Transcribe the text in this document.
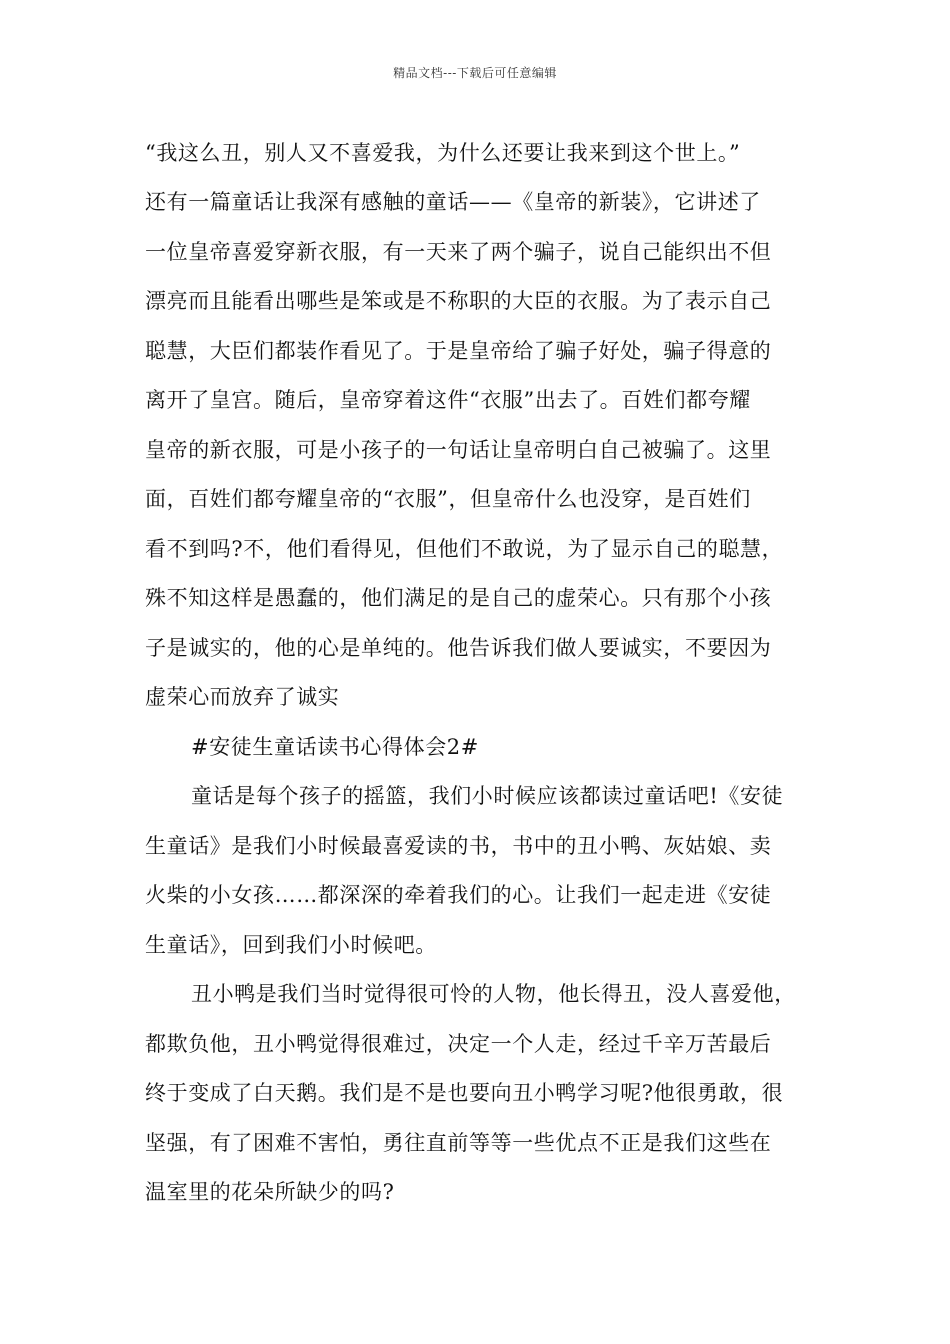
精品文档---下载后可任意编辑
“我这么丑，别人又不喜爱我，为什么还要让我来到这个世上。”
还有一篇童话让我深有感触的童话——《皇帝的新装》，它讲述了
一位皇帝喜爱穿新衣服，有一天来了两个骗子，说自己能织出不但
漂亮而且能看出哪些是笨或是不称职的大臣的衣服。为了表示自己
聪慧，大臣们都装作看见了。于是皇帝给了骗子好处，骗子得意的
离开了皇宫。随后，皇帝穿着这件“衣服”出去了。百姓们都夸耀
皇帝的新衣服，可是小孩子的一句话让皇帝明白自己被骗了。这里
面，百姓们都夸耀皇帝的“衣服”，但皇帝什么也没穿，是百姓们
看不到吗?不，他们看得见，但他们不敢说，为了显示自己的聪慧，
殊不知这样是愚蠢的，他们满足的是自己的虚荣心。只有那个小孩
子是诚实的，他的心是单纯的。他告诉我们做人要诚实，不要因为
虚荣心而放弃了诚实
#安徒生童话读书心得体会2#
童话是每个孩子的摇篮，我们小时候应该都读过童话吧!《安徒
生童话》是我们小时候最喜爱读的书，书中的丑小鸭、灰姑娘、卖
火柴的小女孩……都深深的牵着我们的心。让我们一起走进《安徒
生童话》，回到我们小时候吧。
丑小鸭是我们当时觉得很可怜的人物，他长得丑，没人喜爱他，
都欺负他，丑小鸭觉得很难过，决定一个人走，经过千辛万苦最后
终于变成了白天鹅。我们是不是也要向丑小鸭学习呢?他很勇敢，很
坚强，有了困难不害怕，勇往直前等等一些优点不正是我们这些在
温室里的花朵所缺少的吗?
